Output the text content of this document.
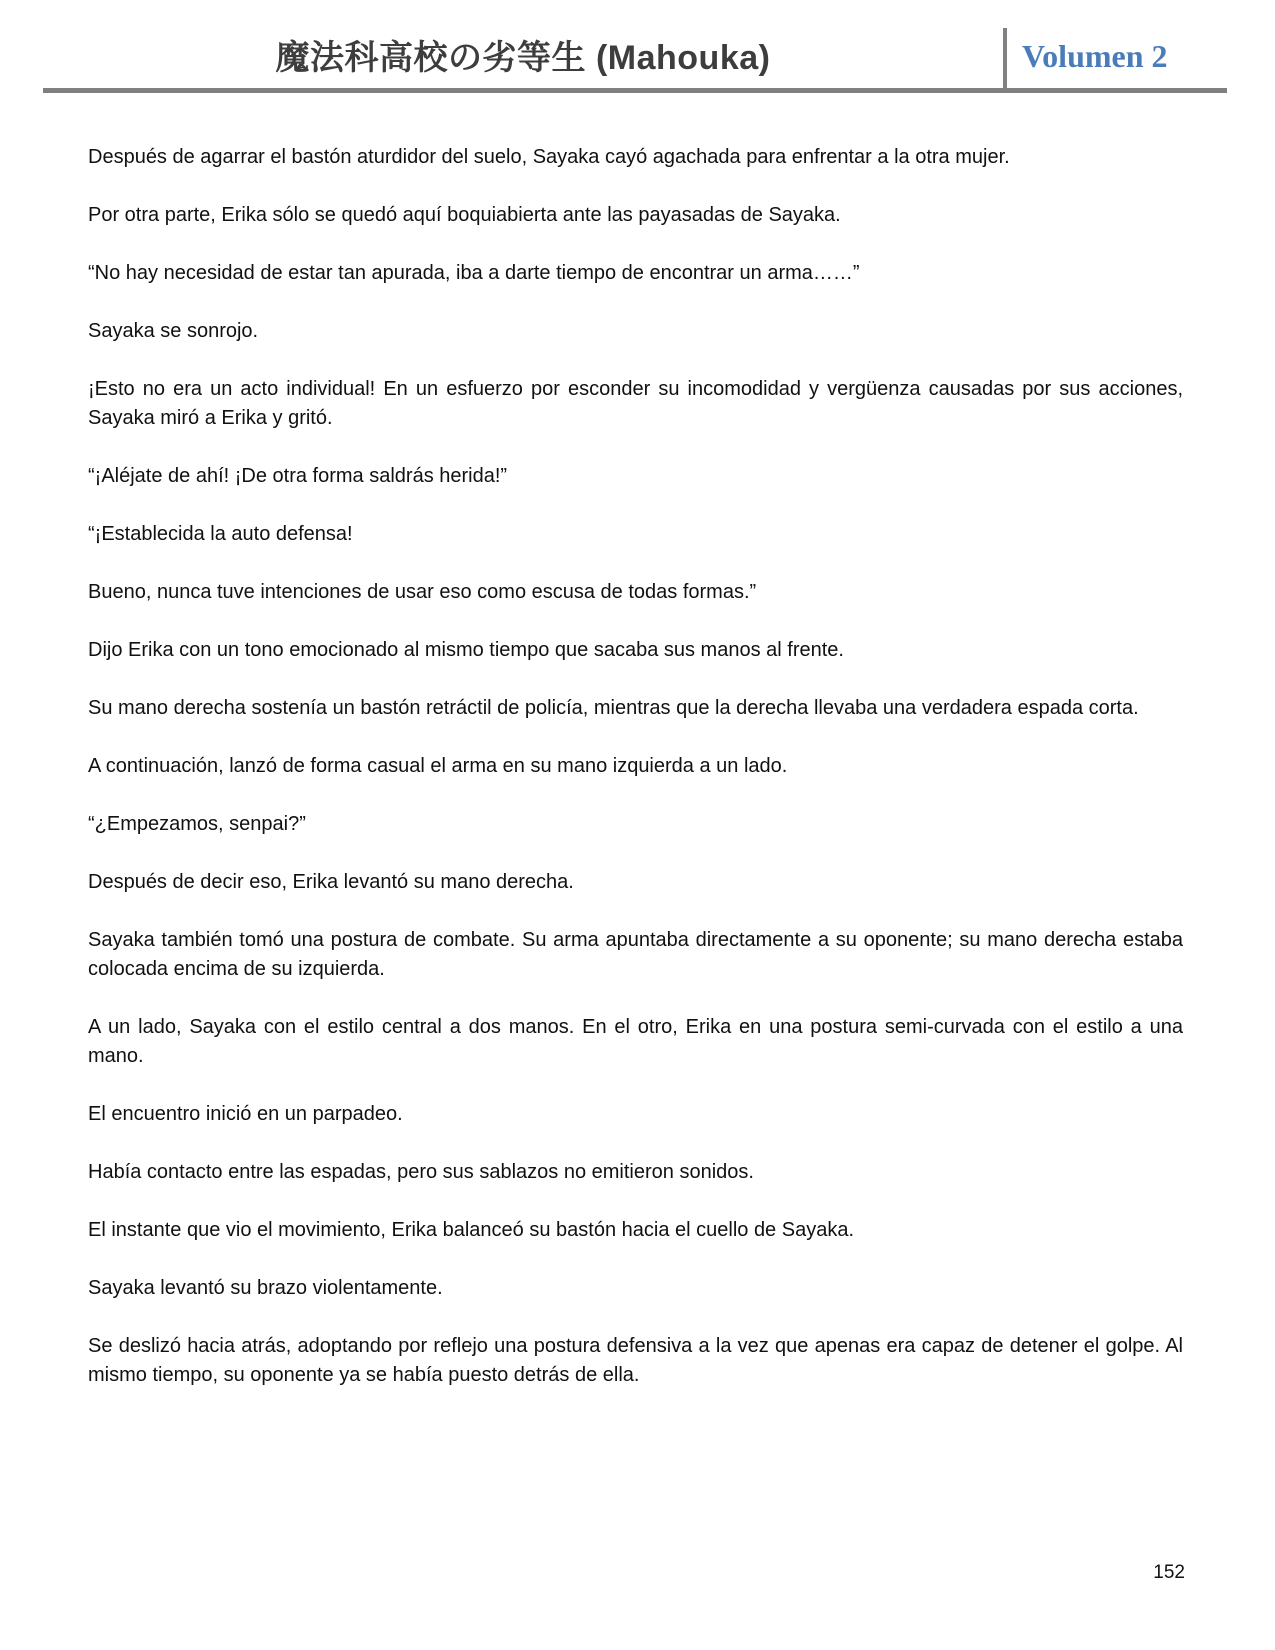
魔法科高校の劣等生 (Mahouka)	Volumen 2

Después de agarrar el bastón aturdidor del suelo, Sayaka cayó agachada para enfrentar a la otra mujer.

Por otra parte, Erika sólo se quedó aquí boquiabierta ante las payasadas de Sayaka.

“No hay necesidad de estar tan apurada, iba a darte tiempo de encontrar un arma……”

Sayaka se sonrojo.

¡Esto no era un acto individual! En un esfuerzo por esconder su incomodidad y vergüenza causadas por sus acciones, Sayaka miró a Erika y gritó.

“¡Aléjate de ahí! ¡De otra forma saldrás herida!”

“¡Establecida la auto defensa!

Bueno, nunca tuve intenciones de usar eso como escusa de todas formas.”

Dijo Erika con un tono emocionado al mismo tiempo que sacaba sus manos al frente.

Su mano derecha sostenía un bastón retráctil de policía, mientras que la derecha llevaba una verdadera espada corta.

A continuación, lanzó de forma casual el arma en su mano izquierda a un lado.

“¿Empezamos, senpai?”

Después de decir eso, Erika levantó su mano derecha.

Sayaka también tomó una postura de combate. Su arma apuntaba directamente a su oponente; su mano derecha estaba colocada encima de su izquierda.

A un lado, Sayaka con el estilo central a dos manos. En el otro, Erika en una postura semi-curvada con el estilo a una mano.

El encuentro inició en un parpadeo.

Había contacto entre las espadas, pero sus sablazos no emitieron sonidos.

El instante que vio el movimiento, Erika balanceó su bastón hacia el cuello de Sayaka.

Sayaka levantó su brazo violentamente.

Se deslizó hacia atrás, adoptando por reflejo una postura defensiva a la vez que apenas era capaz de detener el golpe. Al mismo tiempo, su oponente ya se había puesto detrás de ella.

152
